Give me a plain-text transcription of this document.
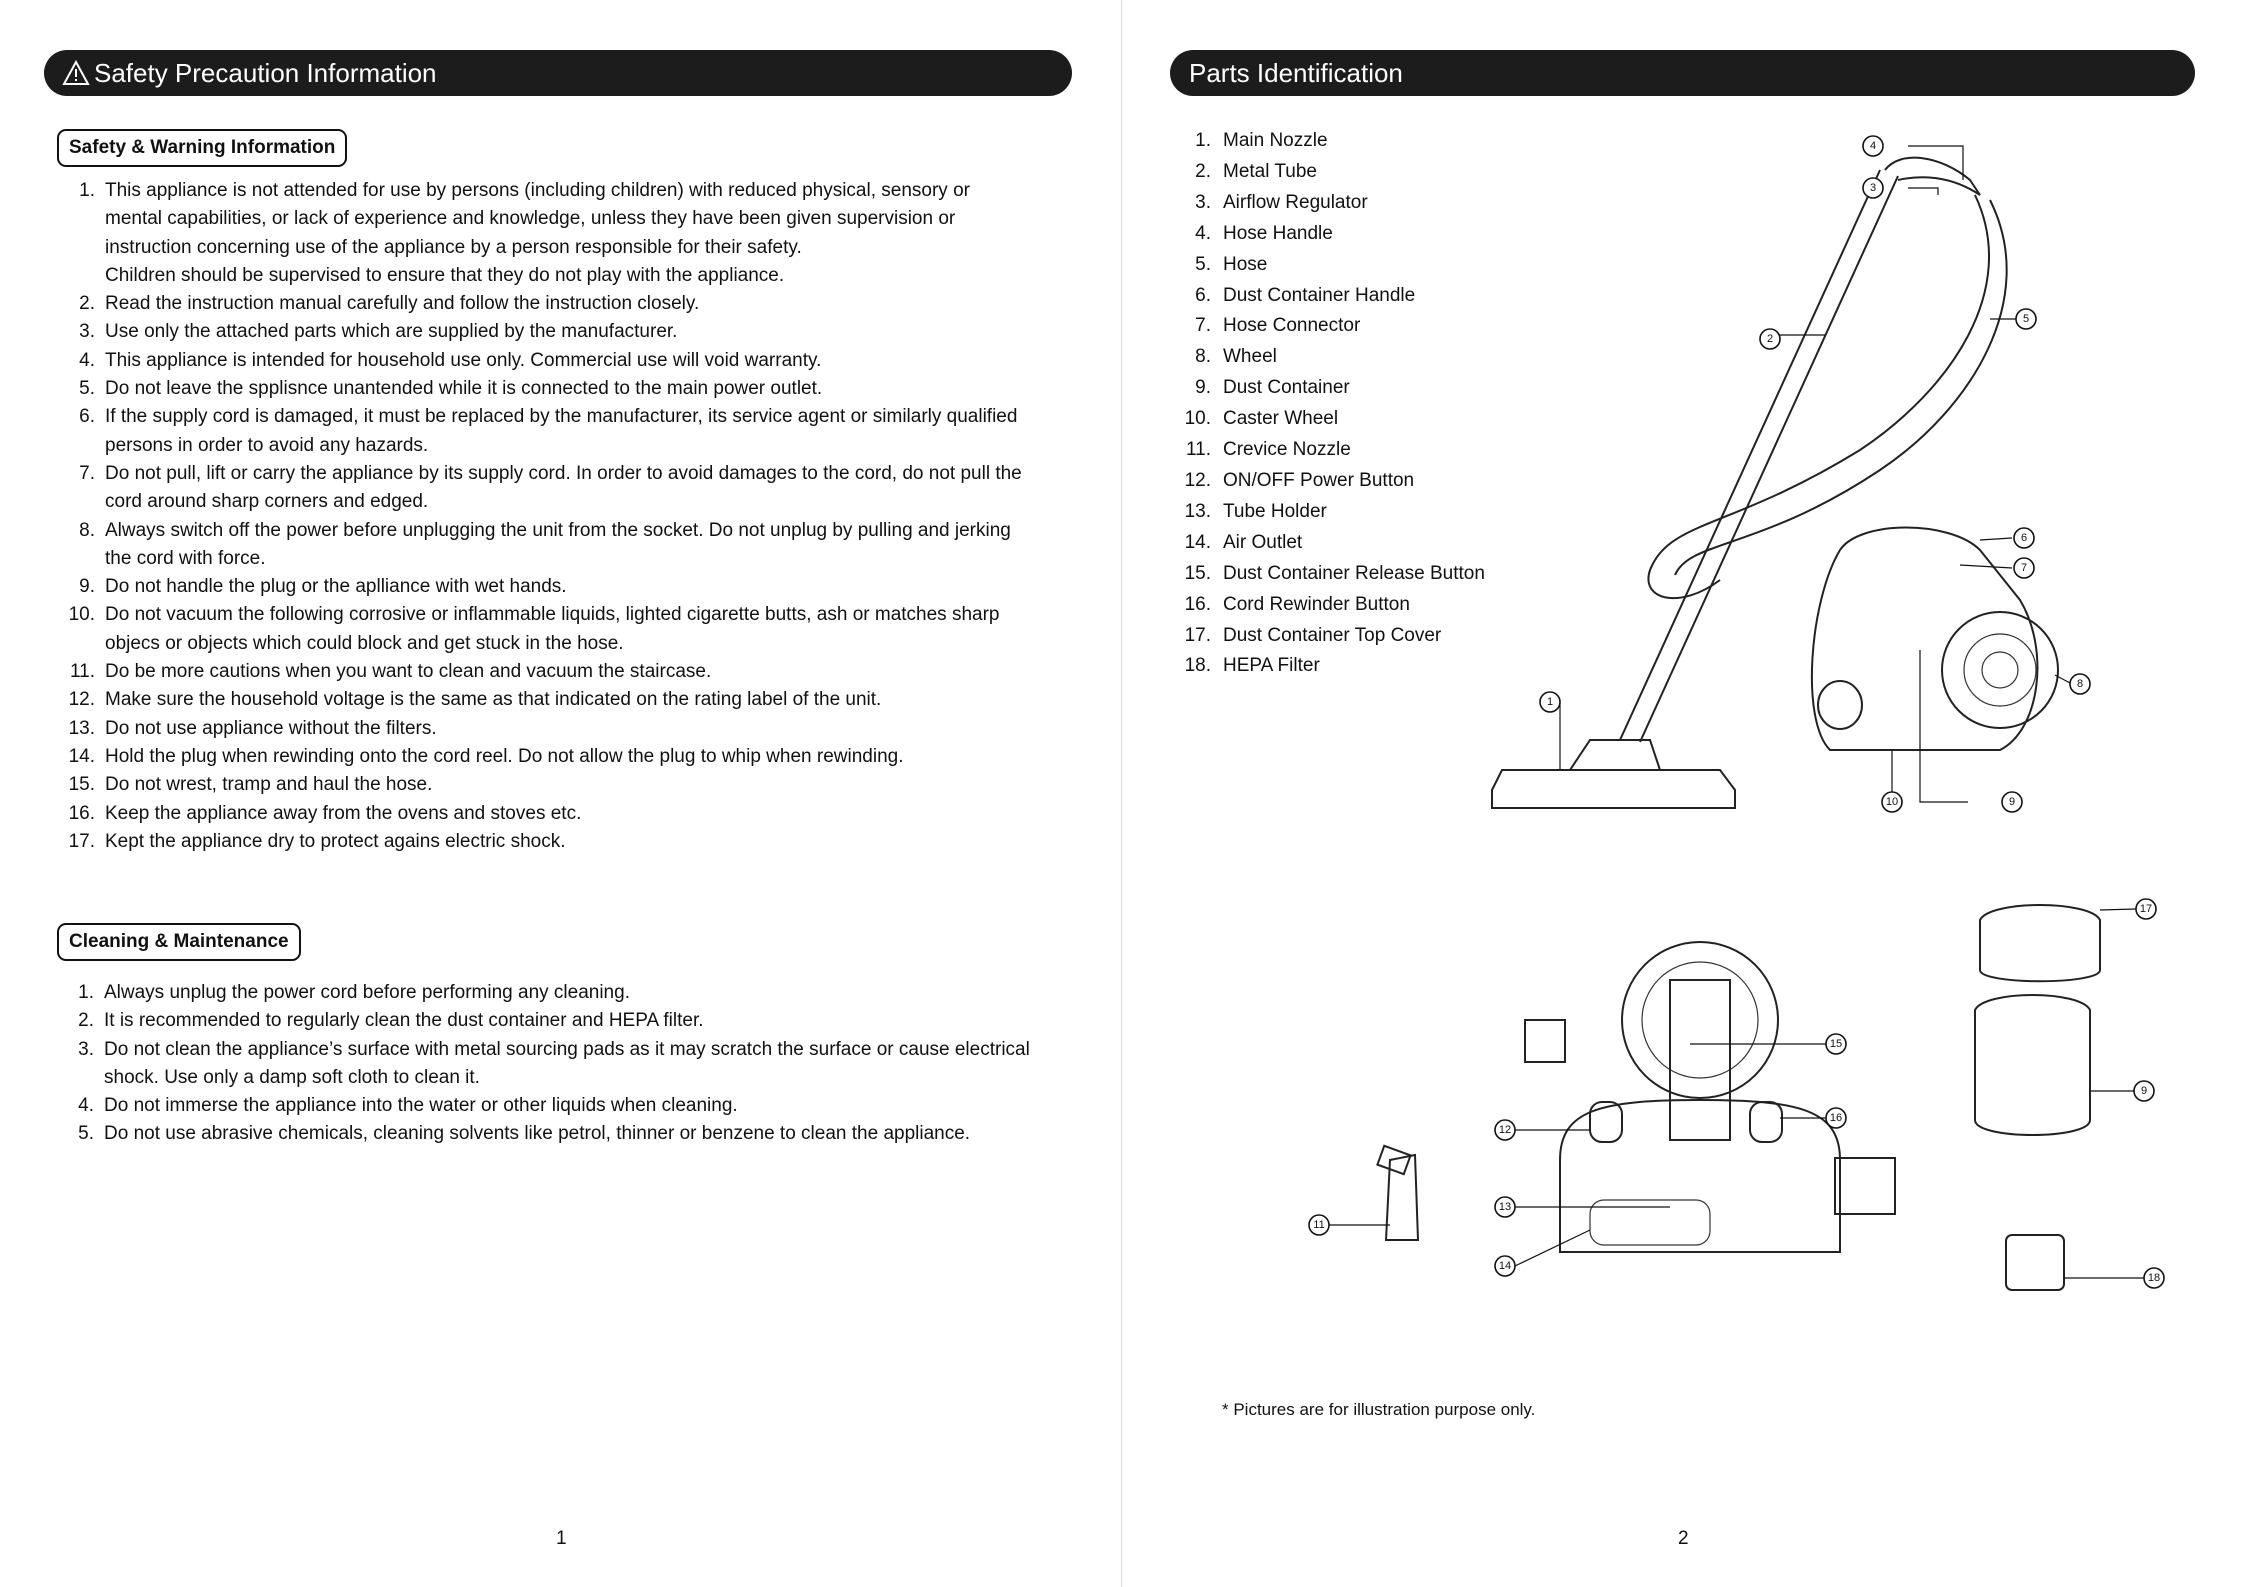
Safety Precaution Information
Safety & Warning Information
1. This appliance is not attended for use by persons (including children) with reduced physical, sensory or
mental capabilities, or lack of experience and knowledge, unless they have been given supervision or
instruction concerning use of the appliance by a person responsible for their safety.
Children should be supervised to ensure that they do not play with the appliance.
2. Read the instruction manual carefully and follow the instruction closely.
3. Use only the attached parts which are supplied by the manufacturer.
4. This appliance is intended for household use only. Commercial use will void warranty.
5. Do not leave the spplisnce unantended while it is connected to the main power outlet.
6. If the supply cord is damaged, it must be replaced by the manufacturer, its service agent or similarly qualified
persons in order to avoid any hazards.
7. Do not pull, lift or carry the appliance by its supply cord. In order to avoid damages to the cord, do not pull the
cord around sharp corners and edged.
8. Always switch off the power before unplugging the unit from the socket. Do not unplug by pulling and jerking
the cord with force.
9. Do not handle the plug or the aplliance with wet hands.
10. Do not vacuum the following corrosive or inflammable liquids, lighted cigarette butts, ash or matches sharp
objecs or objects which could block and get stuck in the hose.
11. Do be more cautions when you want to clean and vacuum the staircase.
12. Make sure the household voltage is the same as that indicated on the rating label of the unit.
13. Do not use appliance without the filters.
14. Hold the plug when rewinding onto the cord reel. Do not allow the plug to whip when rewinding.
15. Do not wrest, tramp and haul the hose.
16. Keep the appliance away from the ovens and stoves etc.
17. Kept the appliance dry to protect agains electric shock.
Cleaning & Maintenance
1. Always unplug the power cord before performing any cleaning.
2. It is recommended to regularly clean the dust container and HEPA filter.
3. Do not clean the appliance’s surface with metal sourcing pads as it may scratch the surface or cause electrical
shock. Use only a damp soft cloth to clean it.
4. Do not immerse the appliance into the water or other liquids when cleaning.
5. Do not use abrasive chemicals, cleaning solvents like petrol, thinner or benzene to clean the appliance.
1
Parts Identification
2
* Pictures are for illustration purpose only.
1. Main Nozzle
2. Metal Tube
3. Airflow Regulator
4. Hose Handle
5. Hose
6. Dust Container Handle
7. Hose Connector
8. Wheel
9. Dust Container
10. Caster Wheel
11. Crevice Nozzle
12. ON/OFF Power Button
13. Tube Holder
14. Air Outlet
15. Dust Container Release Button
16. Cord Rewinder Button
17. Dust Container Top Cover
18. HEPA Filter
1
2
3
4
5
6
7
8
9
10
11
12
13
14
15
16
17
9
18
